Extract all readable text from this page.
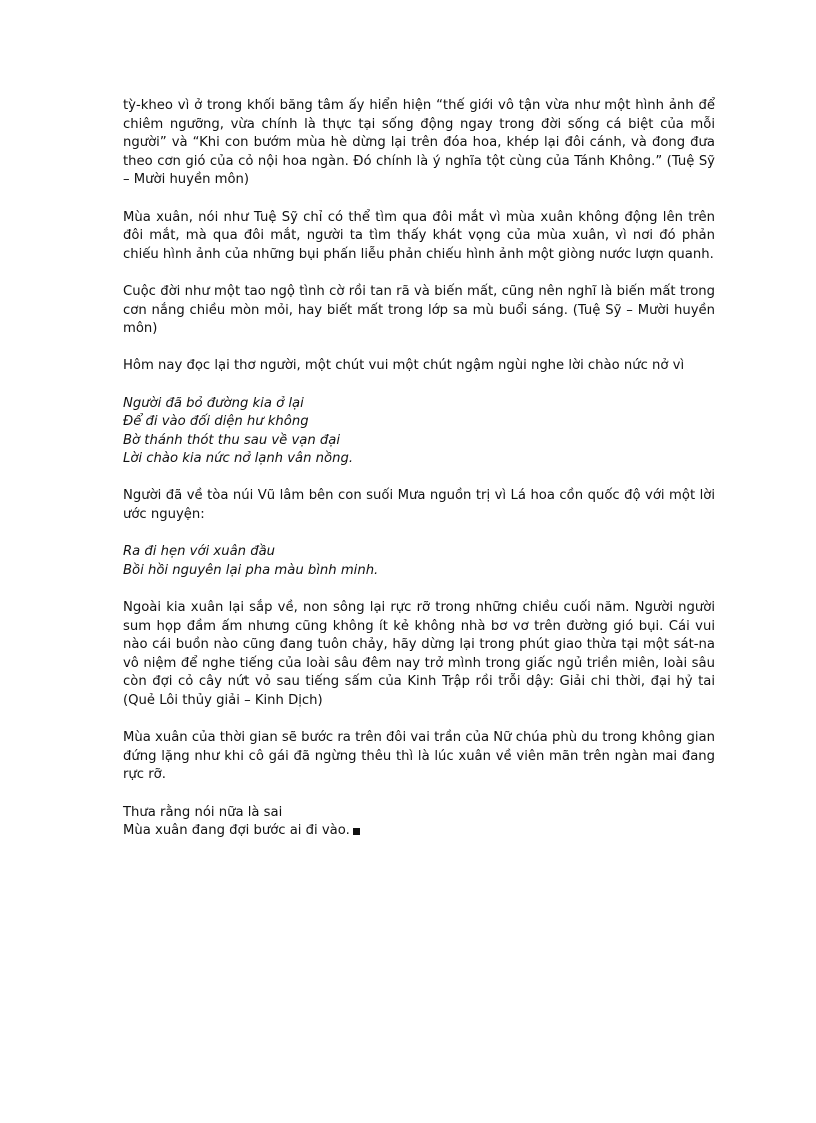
tỳ-kheo vì ở trong khối băng tâm ấy hiển hiện “thế giới vô tận vừa như một hình ảnh để chiêm ngưỡng, vừa chính là thực tại sống động ngay trong đời sống cá biệt của mỗi người” và “Khi con bướm mùa hè dừng lại trên đóa hoa, khép lại đôi cánh, và đong đưa theo cơn gió của cỏ nội hoa ngàn. Đó chính là ý nghĩa tột cùng của Tánh Không.” (Tuệ Sỹ – Mười huyền môn)

Mùa xuân, nói như Tuệ Sỹ chỉ có thể tìm qua đôi mắt vì mùa xuân không động lên trên đôi mắt, mà qua đôi mắt, người ta tìm thấy khát vọng của mùa xuân, vì nơi đó phản chiếu hình ảnh của những bụi phấn liễu phản chiếu hình ảnh một giòng nước lượn quanh.

Cuộc đời như một tao ngộ tình cờ rồi tan rã và biến mất, cũng nên nghĩ là biến mất trong cơn nắng chiều mòn mỏi, hay biết mất trong lớp sa mù buổi sáng. (Tuệ Sỹ – Mười huyền môn)

Hôm nay đọc lại thơ người, một chút vui một chút ngậm ngùi nghe lời chào nức nở vì

Người đã bỏ đường kia ở lại
Để đi vào đối diện hư không
Bờ thánh thót thu sau về vạn đại
Lời chào kia nức nở lạnh vân nồng.

Người đã về tòa núi Vũ lâm bên con suối Mưa nguồn trị vì Lá hoa cồn quốc độ với một lời ước nguyện:

Ra đi hẹn với xuân đầu
Bồi hồi nguyên lại pha màu bình minh.

Ngoài kia xuân lại sắp về, non sông lại rực rỡ trong những chiều cuối năm. Người người sum họp đầm ấm nhưng cũng không ít kẻ không nhà bơ vơ trên đường gió bụi. Cái vui nào cái buồn nào cũng đang tuôn chảy, hãy dừng lại trong phút giao thừa tại một sát-na vô niệm để nghe tiếng của loài sâu đêm nay trở mình trong giấc ngủ triền miên, loài sâu còn đợi cỏ cây nứt vỏ sau tiếng sấm của Kinh Trập rồi trỗi dậy: Giải chi thời, đại hỷ tai (Quẻ Lôi thủy giải – Kinh Dịch)

Mùa xuân của thời gian sẽ bước ra trên đôi vai trần của Nữ chúa phù du trong không gian đứng lặng như khi cô gái đã ngừng thêu thì là lúc xuân về viên mãn trên ngàn mai đang rực rỡ.

Thưa rằng nói nữa là sai
Mùa xuân đang đợi bước ai đi vào.
